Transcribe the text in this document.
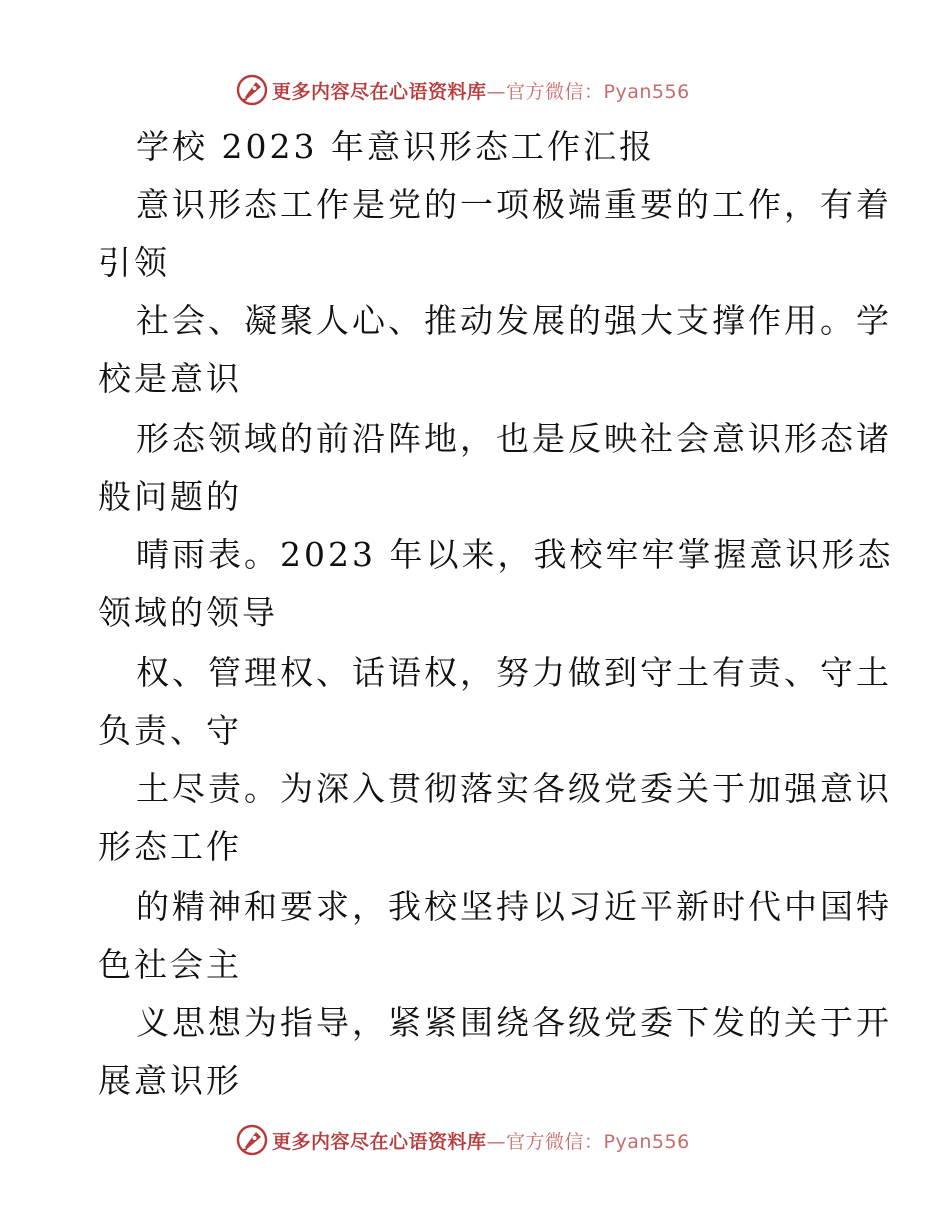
更多内容尽在心语资料库—官方微信：Pyan556
学校 2023 年意识形态工作汇报
意识形态工作是党的一项极端重要的工作，有着
引领
社会、凝聚人心、推动发展的强大支撑作用。学
校是意识
形态领域的前沿阵地，也是反映社会意识形态诸
般问题的
晴雨表。2023 年以来，我校牢牢掌握意识形态
领域的领导
权、管理权、话语权，努力做到守土有责、守土
负责、守
土尽责。为深入贯彻落实各级党委关于加强意识
形态工作
的精神和要求，我校坚持以习近平新时代中国特
色社会主
义思想为指导，紧紧围绕各级党委下发的关于开
展意识形
更多内容尽在心语资料库—官方微信：Pyan556
